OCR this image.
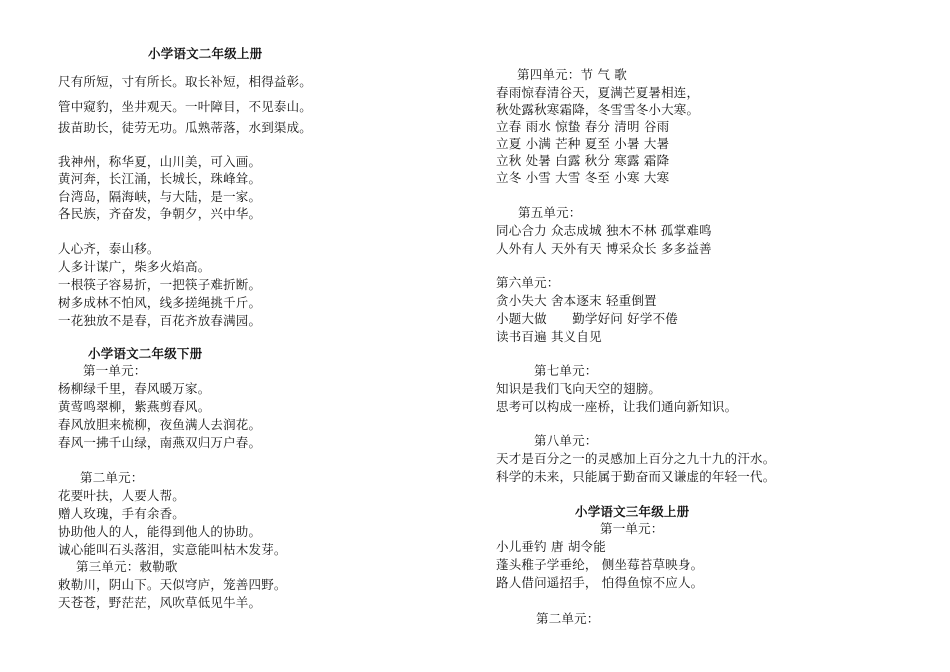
小学语文二年级上册
尺有所短，寸有所长。取长补短，相得益彰。
管中窥豹，坐井观天。一叶障目，不见泰山。
拔苗助长，徒劳无功。瓜熟蒂落，水到渠成。
我神州，称华夏，山川美，可入画。
黄河奔，长江涌，长城长，珠峰耸。
台湾岛，隔海峡，与大陆，是一家。
各民族，齐奋发，争朝夕，兴中华。
人心齐，泰山移。
人多计谋广，柴多火焰高。
一根筷子容易折，一把筷子难折断。
树多成林不怕风，线多搓绳挑千斤。
一花独放不是春，百花齐放春满园。
小学语文二年级下册
第一单元：
杨柳绿千里，春风暖万家。
黄莺鸣翠柳，紫燕剪春风。
春风放胆来梳柳，夜鱼满人去润花。
春风一拂千山绿，南燕双归万户春。
第二单元：
花要叶扶，人要人帮。
赠人玫瑰，手有余香。
协助他人的人，能得到他人的协助。
诚心能叫石头落泪，实意能叫枯木发芽。
第三单元：敕勒歌
敕勒川，阴山下。天似穹庐，笼善四野。
天苍苍，野茫茫，风吹草低见牛羊。
第四单元：节 气 歌
春雨惊春清谷天，夏满芒夏暑相连，
秋处露秋寒霜降，冬雪雪冬小大寒。
立春 雨水 惊蛰 春分 清明 谷雨
立夏 小满 芒种 夏至 小暑 大暑
立秋 处暑 白露 秋分 寒露 霜降
立冬 小雪 大雪 冬至 小寒 大寒
第五单元：
同心合力 众志成城 独木不林 孤掌难鸣
人外有人 天外有天 博采众长 多多益善
第六单元：
贪小失大 舍本逐末 轻重倒置
小题大做　　勤学好问 好学不倦
读书百遍 其义自见
第七单元：
知识是我们飞向天空的翅膀。
思考可以构成一座桥，让我们通向新知识。
第八单元：
天才是百分之一的灵感加上百分之九十九的汗水。
科学的未来，只能属于勤奋而又谦虚的年轻一代。
小学语文三年级上册
第一单元：
小儿垂钓 唐 胡令能
蓬头稚子学垂纶， 侧坐莓苔草映身。
路人借问遥招手， 怕得鱼惊不应人。
第二单元：
